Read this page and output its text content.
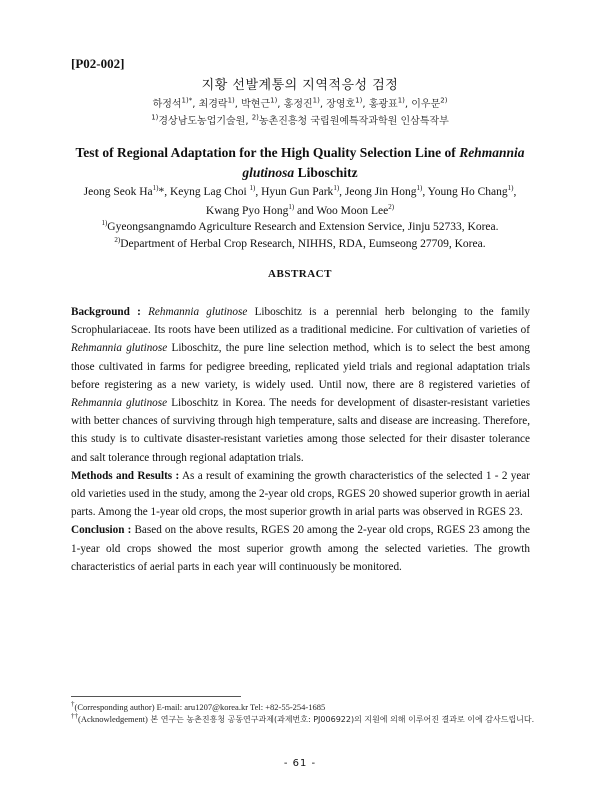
[P02-002]
지황 선발계통의 지역적응성 검정
하정석$^{1)*}$, 최경락$^{1)}$, 박현근$^{1)}$, 홍정진$^{1)}$, 장영호$^{1)}$, 홍광표$^{1)}$, 이우문$^{2)}$
$^{1)}$경상남도농업기술원, $^{2)}$농촌진흥청 국립원예특작과학원 인삼특작부
Test of Regional Adaptation for the High Quality Selection Line of Rehmannia
glutinosa Liboschitz
Jeong Seok Ha$^{1)}$*, Keyng Lag Choi $^{1)}$, Hyun Gun Park$^{1)}$, Jeong Jin Hong$^{1)}$, Young Ho Chang$^{1)}$, Kwang Pyo Hong$^{1)}$ and Woo Moon Lee$^{2)}$
$^{1)}$Gyeongsangnamdo Agriculture Research and Extension Service, Jinju 52733, Korea.
$^{2)}$Department of Herbal Crop Research, NIHHS, RDA, Eumseong 27709, Korea.
ABSTRACT

Background : Rehmannia glutinose Liboschitz is a perennial herb belonging to the family Scrophulariaceae. Its roots have been utilized as a traditional medicine. For cultivation of varieties of Rehmannia glutinose Liboschitz, the pure line selection method, which is to select the best among those cultivated in farms for pedigree breeding, replicated yield trials and regional adaptation trials before registering as a new variety, is widely used. Until now, there are 8 registered varieties of Rehmannia glutinose Liboschitz in Korea. The needs for development of disaster-resistant varieties with better chances of surviving through high temperature, salts and disease are increasing. Therefore, this study is to cultivate disaster-resistant varieties among those selected for their disaster tolerance and salt tolerance through regional adaptation trials.

Methods and Results : As a result of examining the growth characteristics of the selected 1 - 2 year old varieties used in the study, among the 2-year old crops, RGES 20 showed superior growth in aerial parts. Among the 1-year old crops, the most superior growth in arial parts was observed in RGES 23.

Conclusion : Based on the above results, RGES 20 among the 2-year old crops, RGES 23 among the 1-year old crops showed the most superior growth among the selected varieties. The growth characteristics of aerial parts in each year will continuously be monitored.

†(Corresponding author) E-mail: aru1207@korea.kr Tel: +82-55-254-1685
††(Acknowledgement) 본 연구는 농촌진흥청 공동연구과제(과제번호: PJ006922)의 지원에 의해 이루어진 결과로 이에 감사드립니다.
- 61 -
